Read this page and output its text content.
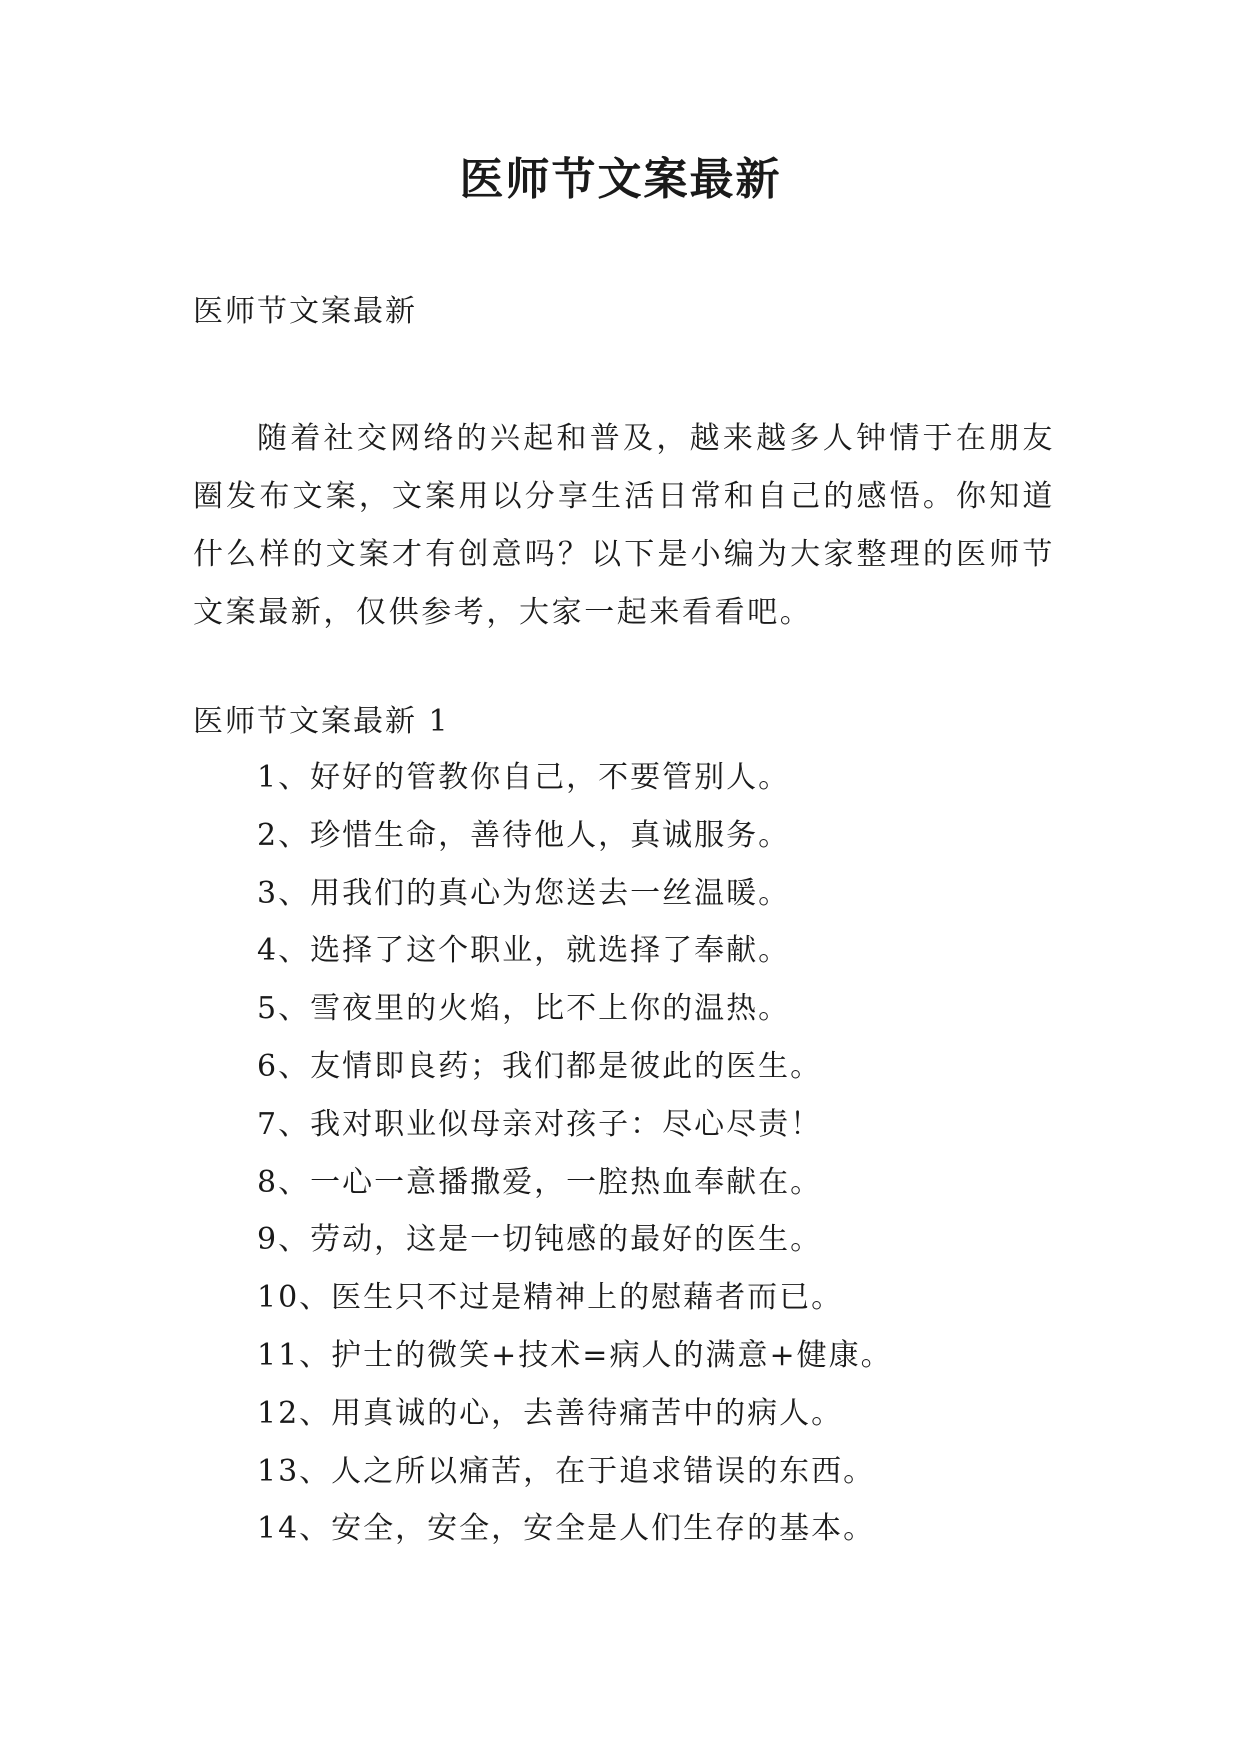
医师节文案最新

医师节文案最新

随着社交网络的兴起和普及，越来越多人钟情于在朋友圈发布文案，文案用以分享生活日常和自己的感悟。你知道什么样的文案才有创意吗？以下是小编为大家整理的医师节文案最新，仅供参考，大家一起来看看吧。

医师节文案最新 1

1、好好的管教你自己，不要管别人。
2、珍惜生命，善待他人，真诚服务。
3、用我们的真心为您送去一丝温暖。
4、选择了这个职业，就选择了奉献。
5、雪夜里的火焰，比不上你的温热。
6、友情即良药；我们都是彼此的医生。
7、我对职业似母亲对孩子：尽心尽责！
8、一心一意播撒爱，一腔热血奉献在。
9、劳动，这是一切钝感的最好的医生。
10、医生只不过是精神上的慰藉者而已。
11、护士的微笑+技术=病人的满意+健康。
12、用真诚的心，去善待痛苦中的病人。
13、人之所以痛苦，在于追求错误的东西。
14、安全，安全，安全是人们生存的基本。
